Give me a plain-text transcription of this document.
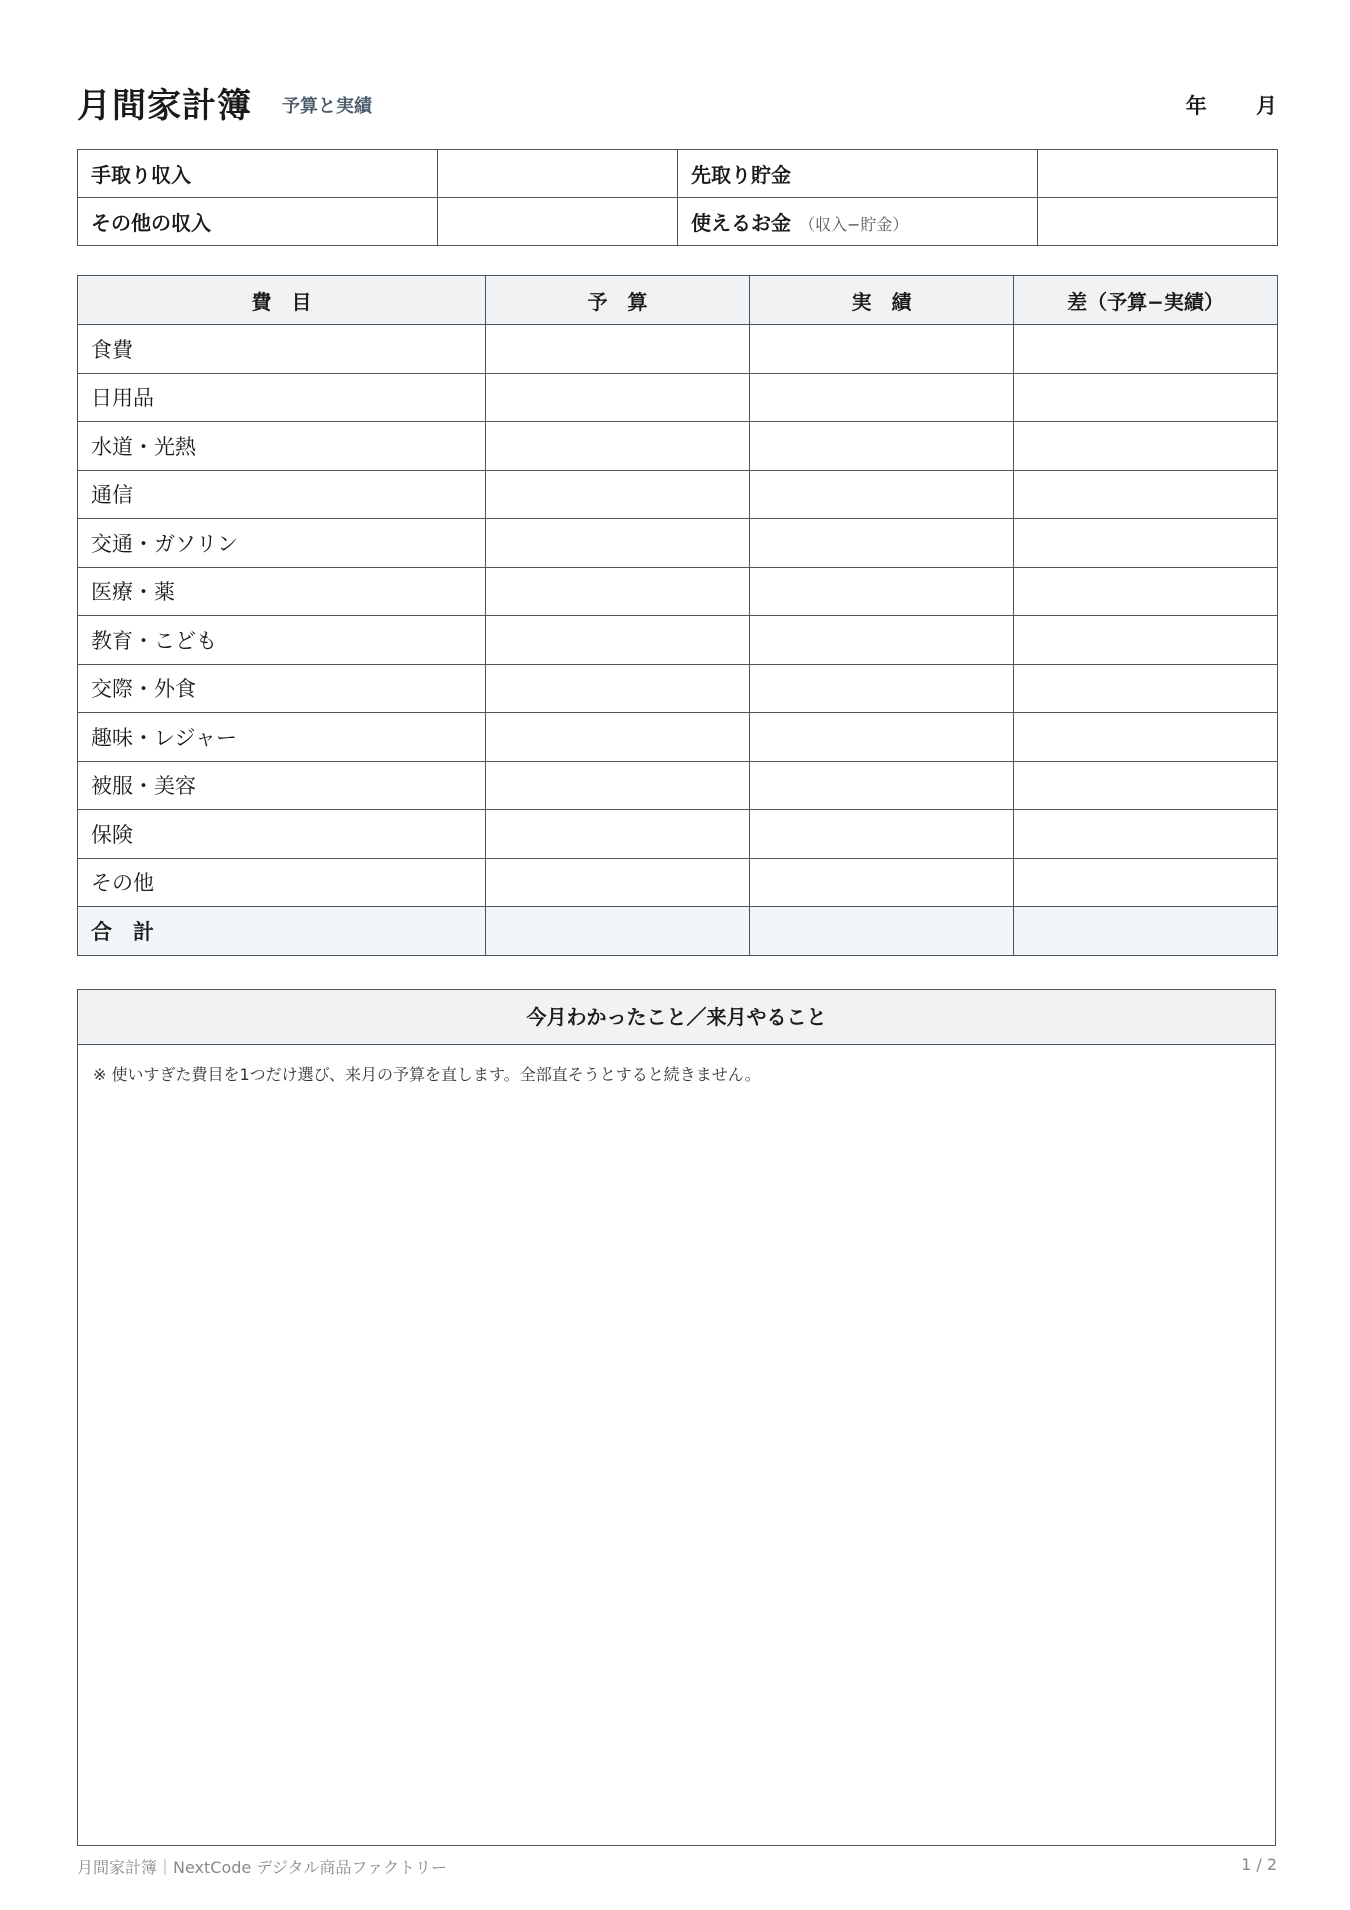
月間家計簿 予算と実績	年 月
手取り収入		先取り貯金	
その他の収入		使えるお金 （収入−貯金）	
費　目	予　算	実　績	差（予算−実績）
食費			
日用品			
水道・光熱			
通信			
交通・ガソリン			
医療・薬			
教育・こども			
交際・外食			
趣味・レジャー			
被服・美容			
保険			
その他			
合　計			
今月わかったこと／来月やること
※ 使いすぎた費目を1つだけ選び、来月の予算を直します。全部直そうとすると続きません。
月間家計簿｜NextCode デジタル商品ファクトリー	1 / 2
